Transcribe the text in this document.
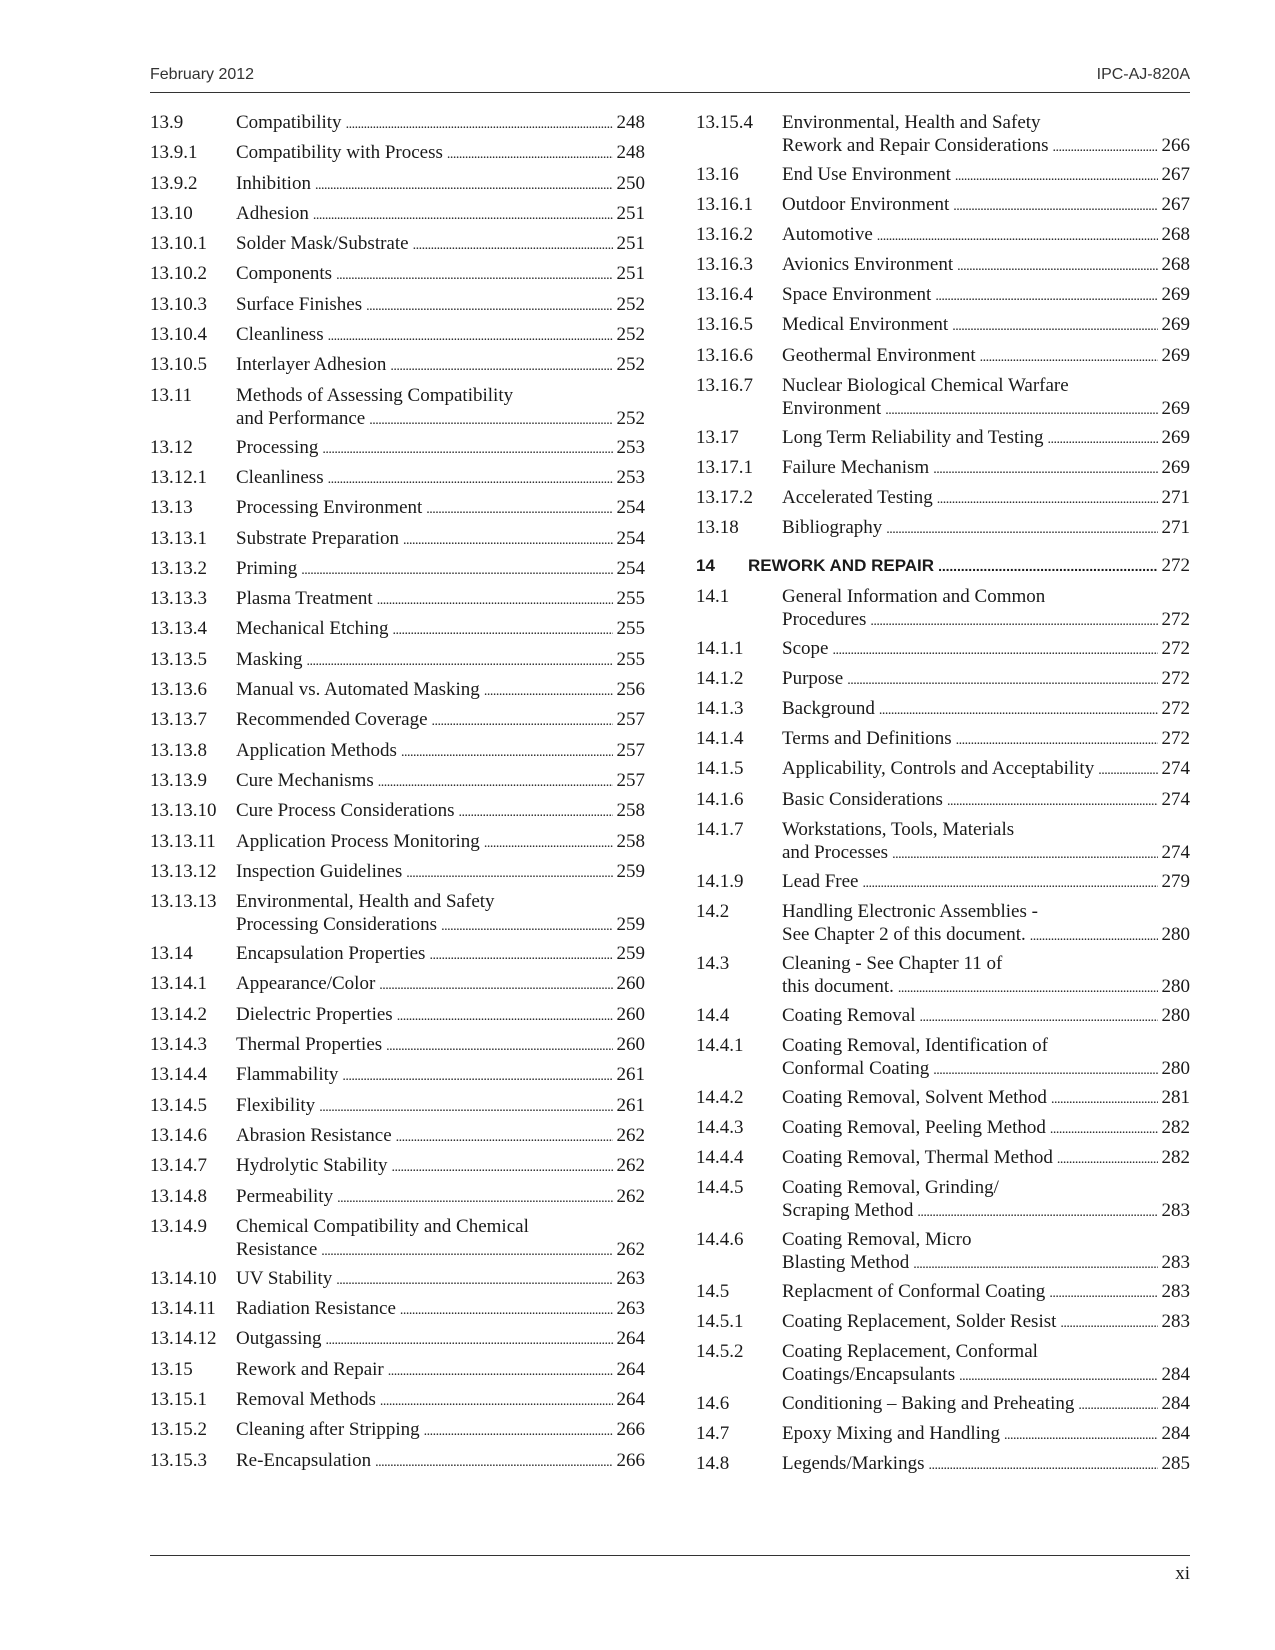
February 2012	IPC-AJ-820A
13.9	Compatibility . . .	248
13.9.1	Compatibility with Process . . .	248
13.9.2	Inhibition . . .	250
13.10	Adhesion . . .	251
13.10.1	Solder Mask/Substrate . . .	251
13.10.2	Components . . .	251
13.10.3	Surface Finishes . . .	252
13.10.4	Cleanliness . . .	252
13.10.5	Interlayer Adhesion . . .	252
13.11	Methods of Assessing Compatibility
and Performance . . .	252
13.12	Processing . . .	253
13.12.1	Cleanliness . . .	253
13.13	Processing Environment . . .	254
13.13.1	Substrate Preparation . . .	254
13.13.2	Priming . . .	254
13.13.3	Plasma Treatment . . .	255
13.13.4	Mechanical Etching . . .	255
13.13.5	Masking . . .	255
13.13.6	Manual vs. Automated Masking . . .	256
13.13.7	Recommended Coverage . . .	257
13.13.8	Application Methods . . .	257
13.13.9	Cure Mechanisms . . .	257
13.13.10	Cure Process Considerations . . .	258
13.13.11	Application Process Monitoring . . .	258
13.13.12	Inspection Guidelines . . .	259
13.13.13	Environmental, Health and Safety
Processing Considerations . . .	259
13.14	Encapsulation Properties . . .	259
13.14.1	Appearance/Color . . .	260
13.14.2	Dielectric Properties . . .	260
13.14.3	Thermal Properties . . .	260
13.14.4	Flammability . . .	261
13.14.5	Flexibility . . .	261
13.14.6	Abrasion Resistance . . .	262
13.14.7	Hydrolytic Stability . . .	262
13.14.8	Permeability . . .	262
13.14.9	Chemical Compatibility and Chemical
Resistance . . .	262
13.14.10	UV Stability . . .	263
13.14.11	Radiation Resistance . . .	263
13.14.12	Outgassing . . .	264
13.15	Rework and Repair . . .	264
13.15.1	Removal Methods . . .	264
13.15.2	Cleaning after Stripping . . .	266
13.15.3	Re-Encapsulation . . .	266
13.15.4	Environmental, Health and Safety
Rework and Repair Considerations . . .	266
13.16	End Use Environment . . .	267
13.16.1	Outdoor Environment . . .	267
13.16.2	Automotive . . .	268
13.16.3	Avionics Environment . . .	268
13.16.4	Space Environment . . .	269
13.16.5	Medical Environment . . .	269
13.16.6	Geothermal Environment . . .	269
13.16.7	Nuclear Biological Chemical Warfare
Environment . . .	269
13.17	Long Term Reliability and Testing . . .	269
13.17.1	Failure Mechanism . . .	269
13.17.2	Accelerated Testing . . .	271
13.18	Bibliography . . .	271
14	REWORK AND REPAIR . . .	272
14.1	General Information and Common
Procedures . . .	272
14.1.1	Scope . . .	272
14.1.2	Purpose . . .	272
14.1.3	Background . . .	272
14.1.4	Terms and Definitions . . .	272
14.1.5	Applicability, Controls and Acceptability . . .	274
14.1.6	Basic Considerations . . .	274
14.1.7	Workstations, Tools, Materials
and Processes . . .	274
14.1.9	Lead Free . . .	279
14.2	Handling Electronic Assemblies -
See Chapter 2 of this document. . . .	280
14.3	Cleaning - See Chapter 11 of
this document. . . .	280
14.4	Coating Removal . . .	280
14.4.1	Coating Removal, Identification of
Conformal Coating . . .	280
14.4.2	Coating Removal, Solvent Method . . .	281
14.4.3	Coating Removal, Peeling Method . . .	282
14.4.4	Coating Removal, Thermal Method . . .	282
14.4.5	Coating Removal, Grinding/
Scraping Method . . .	283
14.4.6	Coating Removal, Micro
Blasting Method . . .	283
14.5	Replacment of Conformal Coating . . .	283
14.5.1	Coating Replacement, Solder Resist . . .	283
14.5.2	Coating Replacement, Conformal
Coatings/Encapsulants . . .	284
14.6	Conditioning – Baking and Preheating . . .	284
14.7	Epoxy Mixing and Handling . . .	284
14.8	Legends/Markings . . .	285
xi
